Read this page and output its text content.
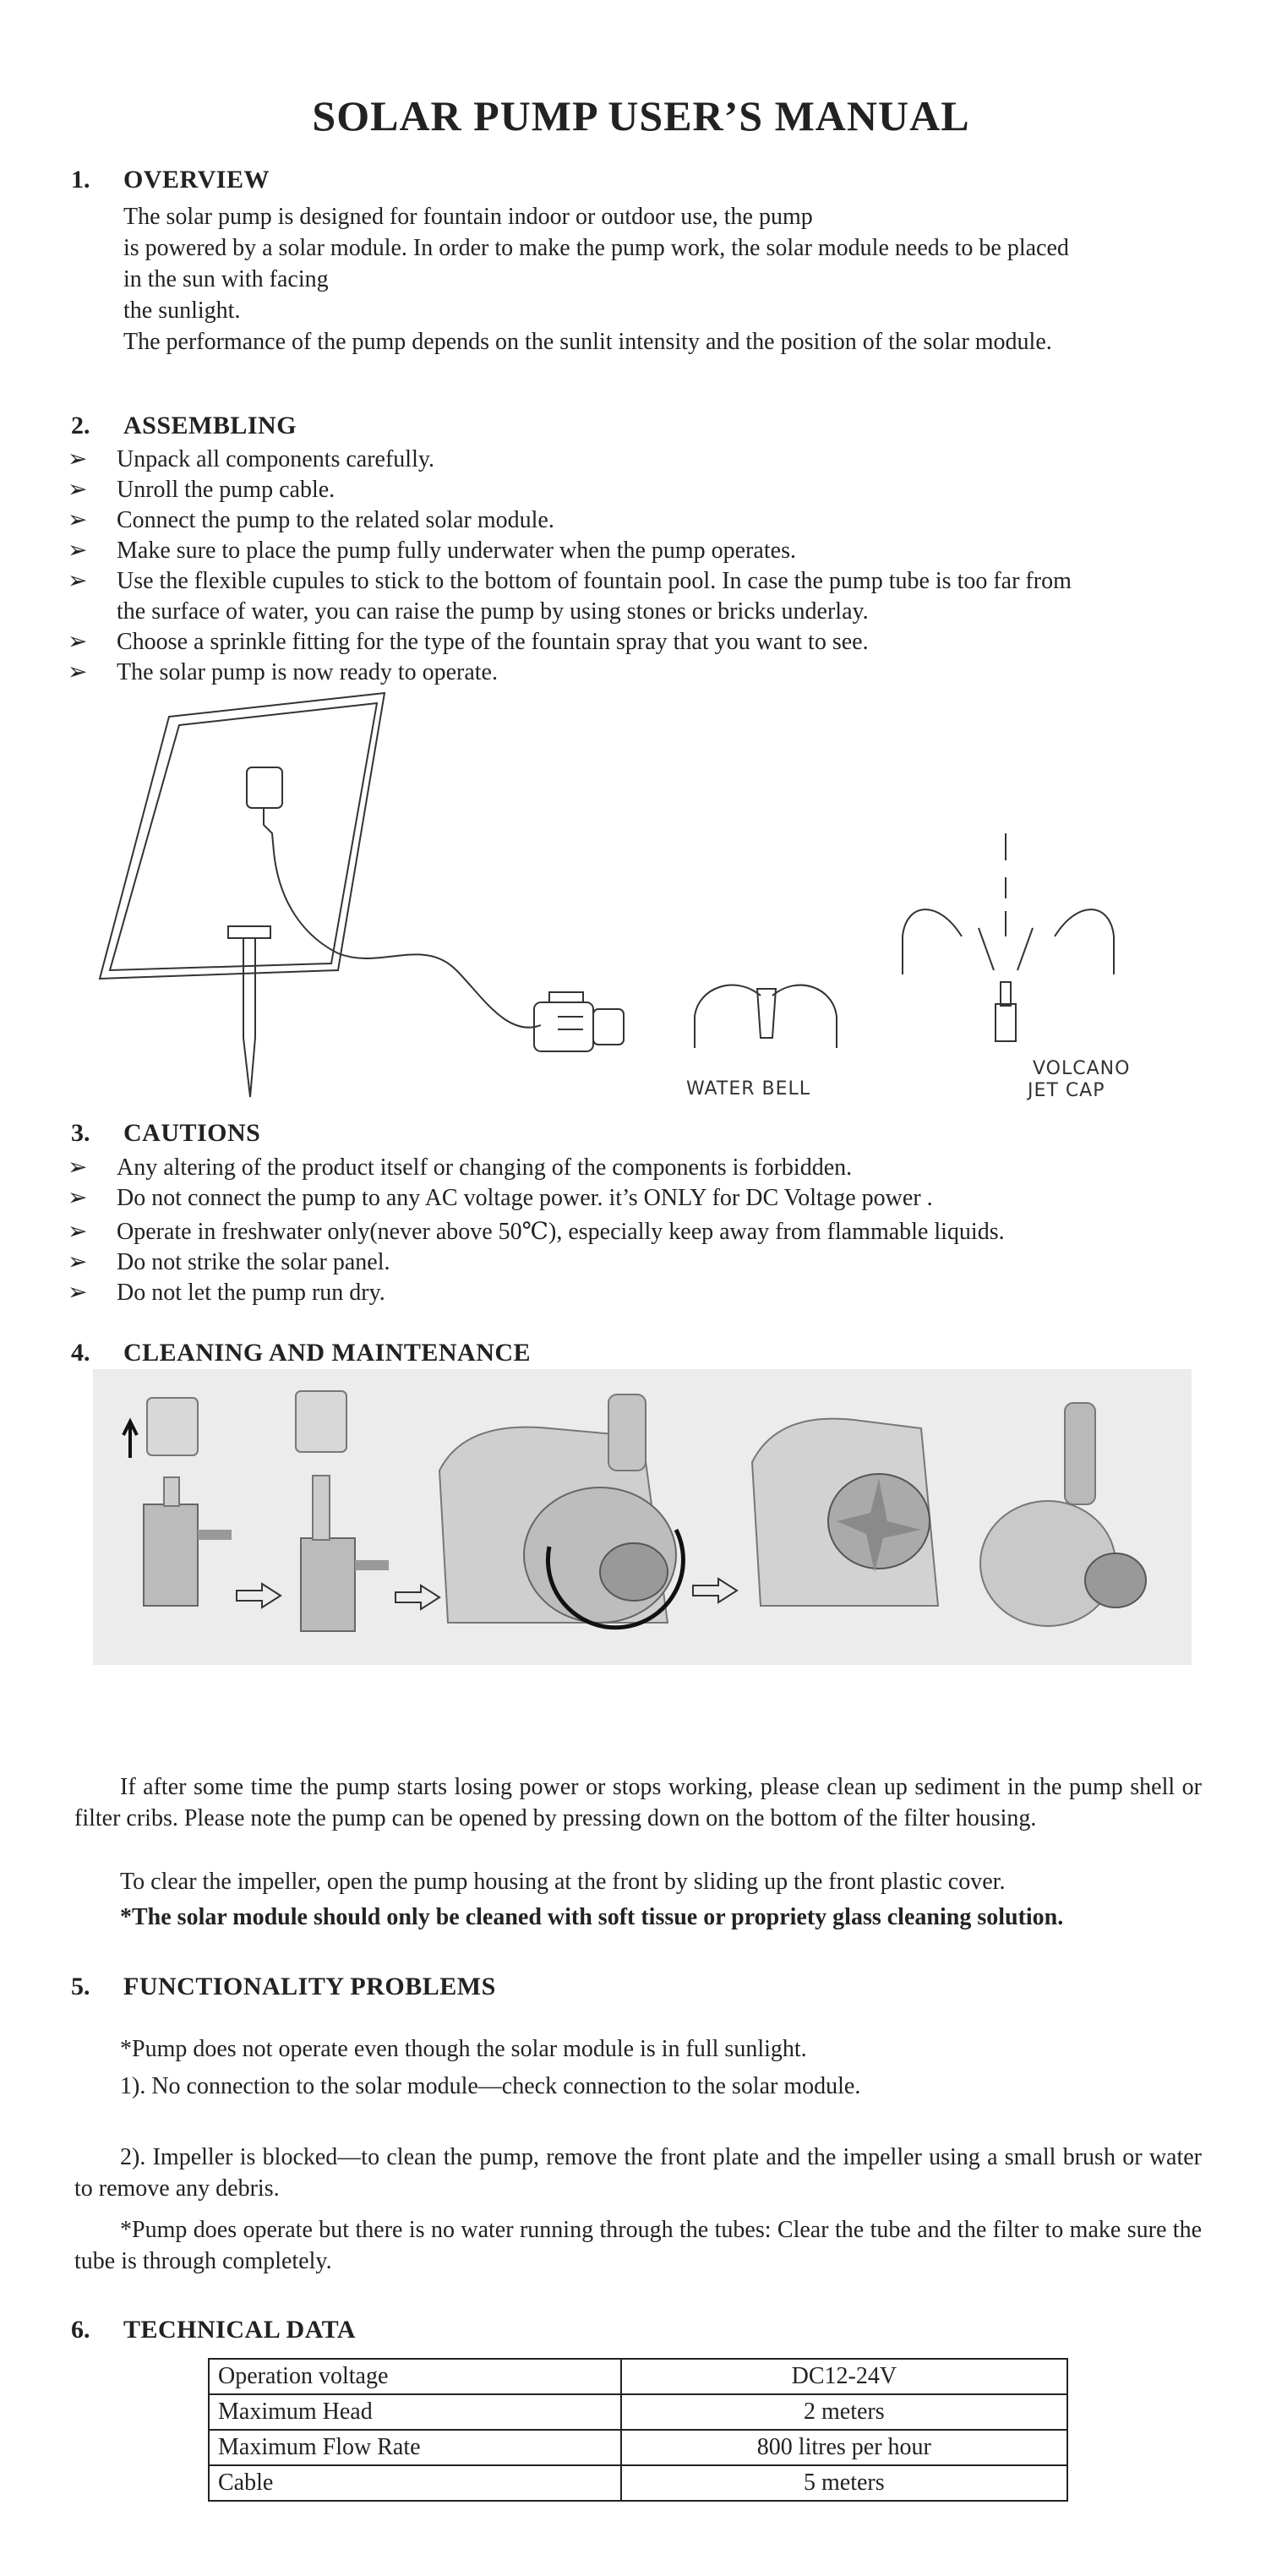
SOLAR PUMP USER’S MANUAL
1. OVERVIEW
The solar pump is designed for fountain indoor or outdoor use, the pump
is powered by a solar module. In order to make the pump work, the solar module needs to be placed
in the sun with facing
the sunlight.
The performance of the pump depends on the sunlit intensity and the position of the solar module.
2. ASSEMBLING
➢	Unpack all components carefully.
➢	Unroll the pump cable.
➢	Connect the pump to the related solar module.
➢	Make sure to place the pump fully underwater when the pump operates.
➢	Use the flexible cupules to stick to the bottom of fountain pool. In case the pump tube is too far from
the surface of water, you can raise the pump by using stones or bricks underlay.
➢	Choose a sprinkle fitting for the type of the fountain spray that you want to see.
➢	The solar pump is now ready to operate.
WATER BELL
VOLCANO
JET CAP
3. CAUTIONS
➢	Any altering of the product itself or changing of the components is forbidden.
➢	Do not connect the pump to any AC voltage power. it’s ONLY for DC Voltage power .
➢	Operate in freshwater only(never above 50℃), especially keep away from flammable liquids.
➢	Do not strike the solar panel.
➢	Do not let the pump run dry.
4. CLEANING AND MAINTENANCE
If after some time the pump starts losing power or stops working, please clean up sediment in the pump shell or filter cribs. Please note the pump can be opened by pressing down on the bottom of the filter housing.
To clear the impeller, open the pump housing at the front by sliding up the front plastic cover.
*The solar module should only be cleaned with soft tissue or propriety glass cleaning solution.
5. FUNCTIONALITY PROBLEMS
*Pump does not operate even though the solar module is in full sunlight.
1). No connection to the solar module—check connection to the solar module.
2). Impeller is blocked—to clean the pump, remove the front plate and the impeller using a small brush or water to remove any debris.
*Pump does operate but there is no water running through the tubes: Clear the tube and the filter to make sure the tube is through completely.
6. TECHNICAL DATA
Operation voltage	DC12-24V
Maximum Head	2 meters
Maximum Flow Rate	800 litres per hour
Cable	5 meters
